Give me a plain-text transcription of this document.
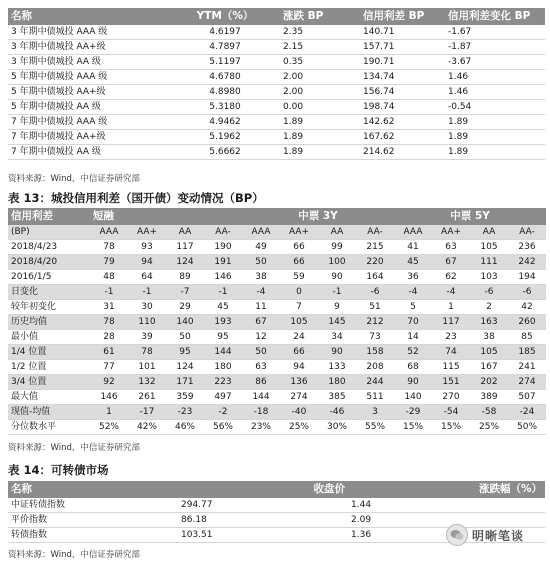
名称	YTM（%）	涨跌 BP	信用利差 BP	信用利差变化 BP
3 年期中债城投 AAA 级	4.6197	2.35	140.71	-1.67
3 年期中债城投 AA+级	4.7897	2.15	157.71	-1.87
3 年期中债城投 AA 级	5.1197	0.35	190.71	-3.67
5 年期中债城投 AAA 级	4.6780	2.00	134.74	1.46
5 年期中债城投 AA+级	4.8980	2.00	156.74	1.46
5 年期中债城投 AA 级	5.3180	0.00	198.74	-0.54
7 年期中债城投 AAA 级	4.9462	1.89	142.62	1.89
7 年期中债城投 AA+级	5.1962	1.89	167.62	1.89
7 年期中债城投 AA 级	5.6662	1.89	214.62	1.89
资料来源：Wind，中信证券研究部
表 13：城投信用利差（国开债）变动情况（BP）
信用利差	短融				中票 3Y				中票 5Y			
(BP)	AAA	AA+	AA	AA-	AAA	AA+	AA	AA-	AAA	AA+	AA	AA-
2018/4/23	78	93	117	190	49	66	99	215	41	63	105	236
2018/4/20	79	94	124	191	50	66	100	220	45	67	111	242
2016/1/5	48	64	89	146	38	59	90	164	36	62	103	194
日变化	-1	-1	-7	-1	-4	0	-1	-6	-4	-4	-6	-6
较年初变化	31	30	29	45	11	7	9	51	5	1	2	42
历史均值	78	110	140	193	67	105	145	212	70	117	163	260
最小值	28	39	50	95	12	24	34	73	14	23	38	85
1/4 位置	61	78	95	144	50	66	90	158	52	74	105	185
1/2 位置	77	101	124	180	63	94	133	208	68	115	167	241
3/4 位置	92	132	171	223	86	136	180	244	90	151	202	274
最大值	146	261	359	497	144	274	385	511	140	270	389	507
现值-均值	1	-17	-23	-2	-18	-40	-46	3	-29	-54	-58	-24
分位数水平	52%	42%	46%	56%	23%	25%	30%	55%	15%	15%	25%	50%
资料来源：Wind，中信证券研究部
表 14：可转债市场
名称	收盘价	涨跌幅（%）
中证转债指数	294.77	1.44
平价指数	86.18	2.09
转债指数	103.51	1.36
资料来源：Wind，中信证券研究部
明晰笔谈
